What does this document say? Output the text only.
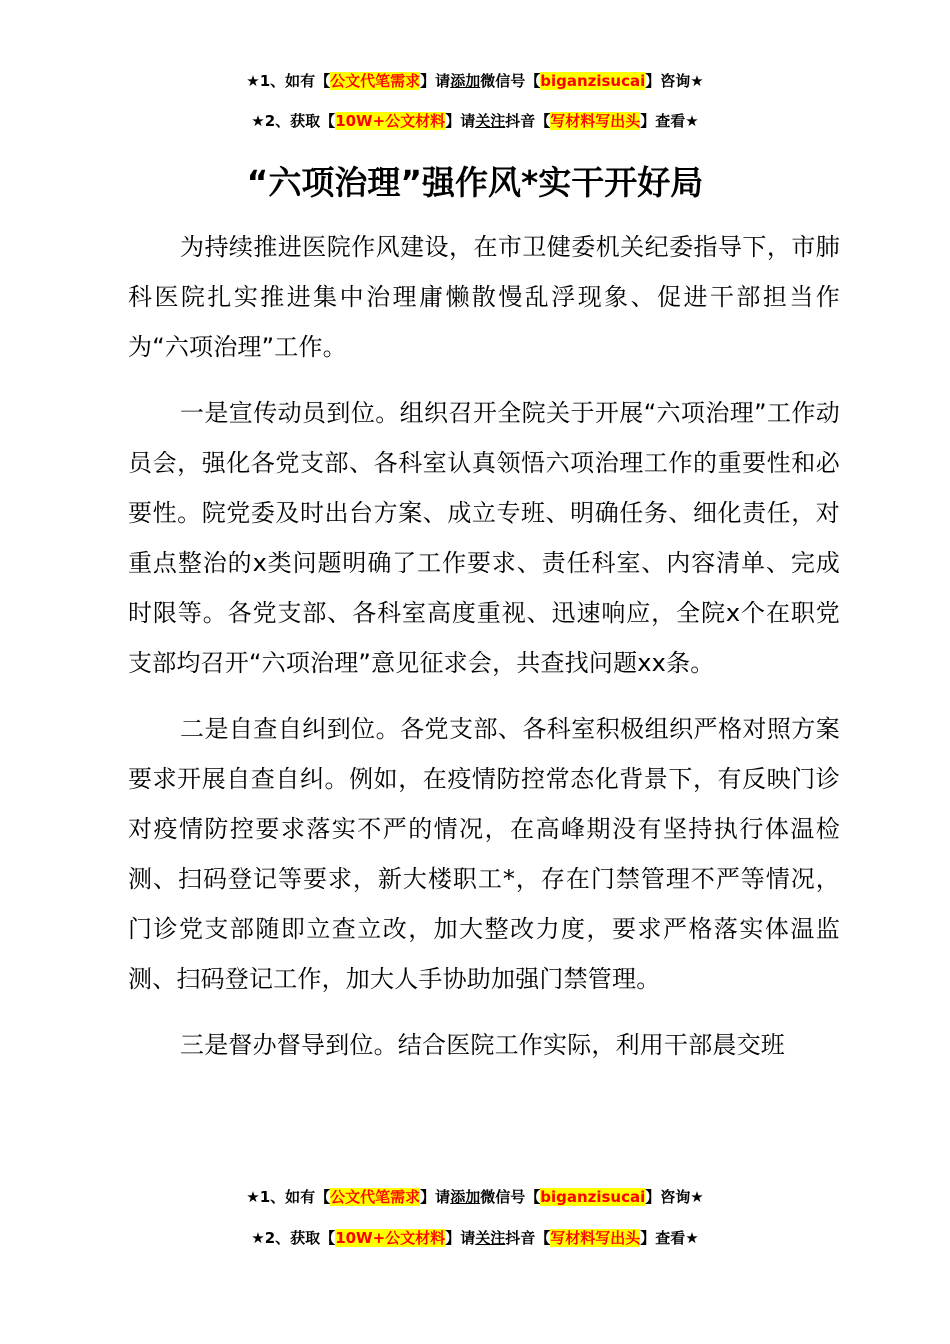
★1、如有【公文代笔需求】请添加微信号【biganzisucai】咨询★
★2、获取【10W+公文材料】请关注抖音【写材料写出头】查看★
“六项治理”强作风*实干开好局

为持续推进医院作风建设，在市卫健委机关纪委指导下，市肺科医院扎实推进集中治理庸懒散慢乱浮现象、促进干部担当作为“六项治理”工作。

一是宣传动员到位。组织召开全院关于开展“六项治理”工作动员会，强化各党支部、各科室认真领悟六项治理工作的重要性和必要性。院党委及时出台方案、成立专班、明确任务、细化责任，对重点整治的x类问题明确了工作要求、责任科室、内容清单、完成时限等。各党支部、各科室高度重视、迅速响应，全院x个在职党支部均召开“六项治理”意见征求会，共查找问题xx条。

二是自查自纠到位。各党支部、各科室积极组织严格对照方案要求开展自查自纠。例如，在疫情防控常态化背景下，有反映门诊对疫情防控要求落实不严的情况，在高峰期没有坚持执行体温检测、扫码登记等要求，新大楼职工*，存在门禁管理不严等情况，门诊党支部随即立查立改，加大整改力度，要求严格落实体温监测、扫码登记工作，加大人手协助加强门禁管理。

三是督办督导到位。结合医院工作实际，利用干部晨交班

★1、如有【公文代笔需求】请添加微信号【biganzisucai】咨询★
★2、获取【10W+公文材料】请关注抖音【写材料写出头】查看★
